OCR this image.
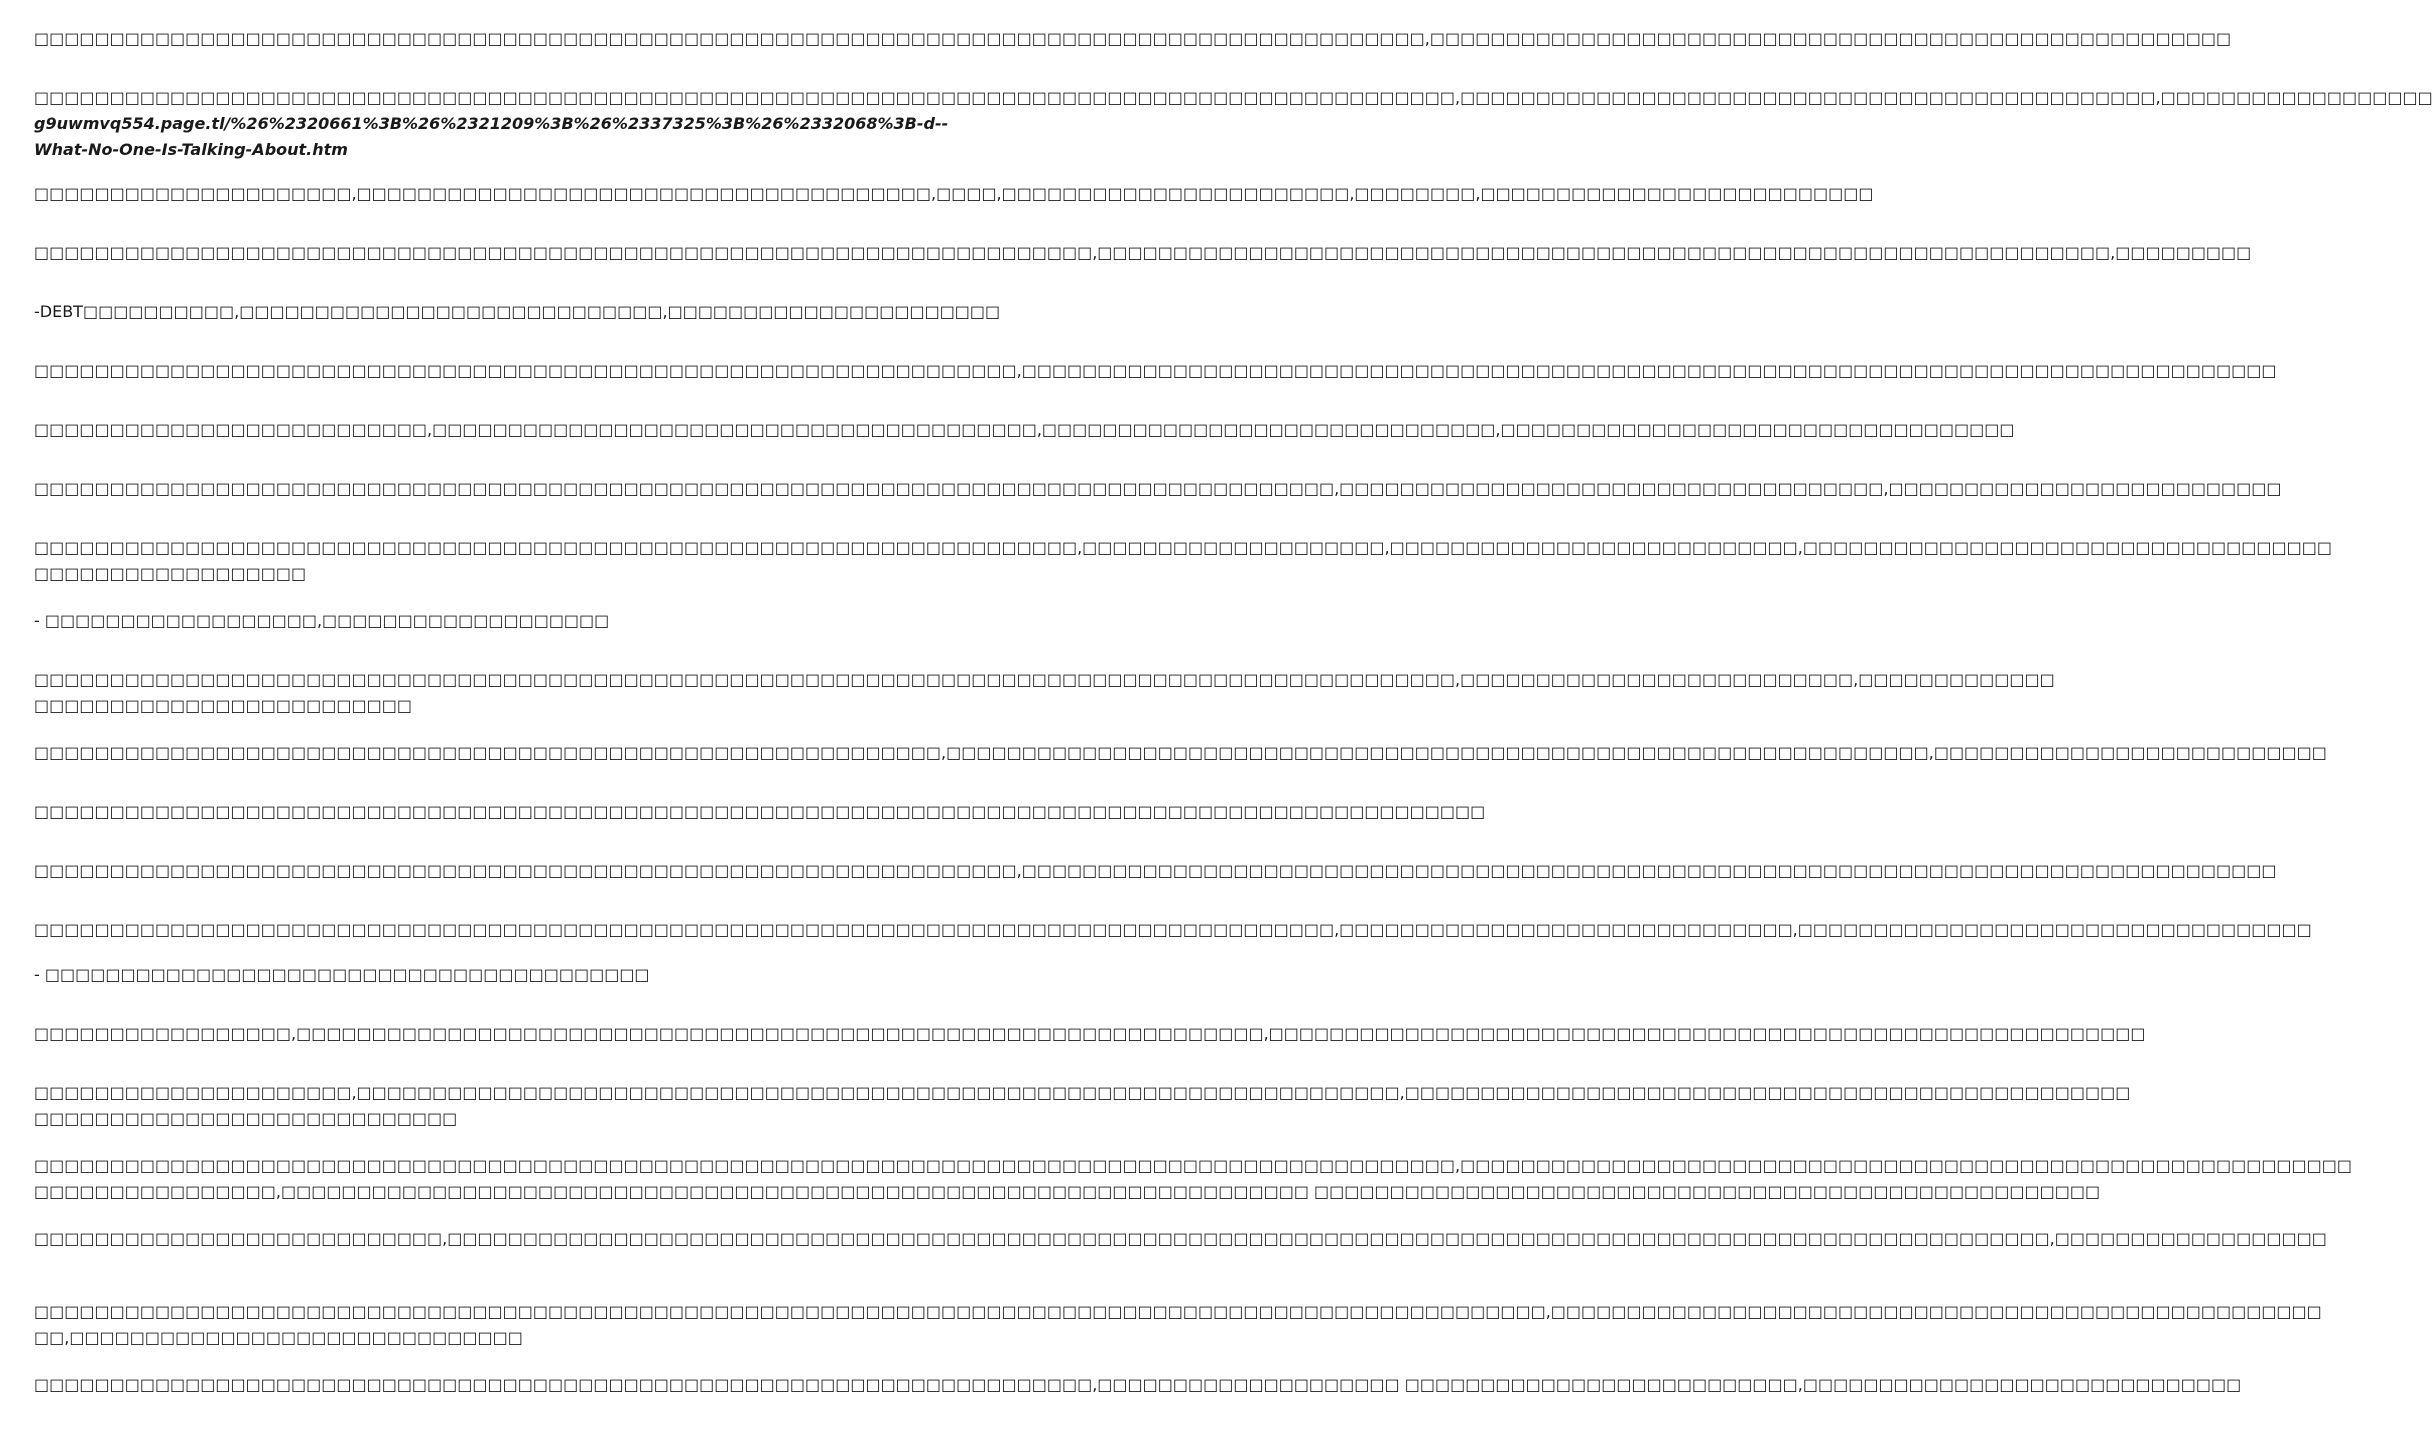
□□□□□□□□□□□□□□□□□□□□□□□□□□□□□□□□□□□□□□□□□□□□□□□□□□□□□□□□□□□□□□□□□□□□□□□□□□□□□□□□□□□□□□□□□□□□,□□□□□□□□□□□□□□□□□□□□□□□□□□□□□□□□□□□□□□□□□□□□□□□□□□□□□
□□□□□□□□□□□□□□□□□□□□□□□□□□□□□□□□□□□□□□□□□□□□□□□□□□□□□□□□□□□□□□□□□□□□□□□□□□□□□□□□□□□□□□□□□□□□□□,□□□□□□□□□□□□□□□□□□□□□□□□□□□□□□□□□□□□□□□□□□□□□□,□□□□□□□□□□□□□□□□□□
g9uwmvq554.page.tl/%26%2320661%3B%26%2321209%3B%26%2337325%3B%26%2332068%3B-d--
What-No-One-Is-Talking-About.htm
□□□□□□□□□□□□□□□□□□□□□,□□□□□□□□□□□□□□□□□□□□□□□□□□□□□□□□□□□□□□,□□□□,□□□□□□□□□□□□□□□□□□□□□□□,□□□□□□□□,□□□□□□□□□□□□□□□□□□□□□□□□□□
□□□□□□□□□□□□□□□□□□□□□□□□□□□□□□□□□□□□□□□□□□□□□□□□□□□□□□□□□□□□□□□□□□□□□□,□□□□□□□□□□□□□□□□□□□□□□□□□□□□□□□□□□□□□□□□□□□□□□□□□□□□□□□□□□□□□□□□□□□,□□□□□□□□□
-DEBT□□□□□□□□□□,□□□□□□□□□□□□□□□□□□□□□□□□□□□□,□□□□□□□□□□□□□□□□□□□□□□
□□□□□□□□□□□□□□□□□□□□□□□□□□□□□□□□□□□□□□□□□□□□□□□□□□□□□□□□□□□□□□□□□,□□□□□□□□□□□□□□□□□□□□□□□□□□□□□□□□□□□□□□□□□□□□□□□□□□□□□□□□□□□□□□□□□□□□□□□□□□□□□□□□□□□
□□□□□□□□□□□□□□□□□□□□□□□□□□,□□□□□□□□□□□□□□□□□□□□□□□□□□□□□□□□□□□□□□□□,□□□□□□□□□□□□□□□□□□□□□□□□□□□□□□,□□□□□□□□□□□□□□□□□□□□□□□□□□□□□□□□□□
□□□□□□□□□□□□□□□□□□□□□□□□□□□□□□□□□□□□□□□□□□□□□□□□□□□□□□□□□□□□□□□□□□□□□□□□□□□□□□□□□□□□□□,□□□□□□□□□□□□□□□□□□□□□□□□□□□□□□□□□□□□,□□□□□□□□□□□□□□□□□□□□□□□□□□
□□□□□□□□□□□□□□□□□□□□□□□□□□□□□□□□□□□□□□□□□□□□□□□□□□□□□□□□□□□□□□□□□□□□□,□□□□□□□□□□□□□□□□□□□□,□□□□□□□□□□□□□□□□□□□□□□□□□□□,□□□□□□□□□□□□□□□□□□□□□□□□□□□□□□□□□□□
□□□□□□□□□□□□□□□□□□
- □□□□□□□□□□□□□□□□□□,□□□□□□□□□□□□□□□□□□□
□□□□□□□□□□□□□□□□□□□□□□□□□□□□□□□□□□□□□□□□□□□□□□□□□□□□□□□□□□□□□□□□□□□□□□□□□□□□□□□□□□□□□□□□□□□□□□,□□□□□□□□□□□□□□□□□□□□□□□□□□,□□□□□□□□□□□□□
□□□□□□□□□□□□□□□□□□□□□□□□□
□□□□□□□□□□□□□□□□□□□□□□□□□□□□□□□□□□□□□□□□□□□□□□□□□□□□□□□□□□□□,□□□□□□□□□□□□□□□□□□□□□□□□□□□□□□□□□□□□□□□□□□□□□□□□□□□□□□□□□□□□□□□□□,□□□□□□□□□□□□□□□□□□□□□□□□□□
□□□□□□□□□□□□□□□□□□□□□□□□□□□□□□□□□□□□□□□□□□□□□□□□□□□□□□□□□□□□□□□□□□□□□□□□□□□□□□□□□□□□□□□□□□□□□□□□
□□□□□□□□□□□□□□□□□□□□□□□□□□□□□□□□□□□□□□□□□□□□□□□□□□□□□□□□□□□□□□□□□,□□□□□□□□□□□□□□□□□□□□□□□□□□□□□□□□□□□□□□□□□□□□□□□□□□□□□□□□□□□□□□□□□□□□□□□□□□□□□□□□□□□
□□□□□□□□□□□□□□□□□□□□□□□□□□□□□□□□□□□□□□□□□□□□□□□□□□□□□□□□□□□□□□□□□□□□□□□□□□□□□□□□□□□□□□,□□□□□□□□□□□□□□□□□□□□□□□□□□□□□□,□□□□□□□□□□□□□□□□□□□□□□□□□□□□□□□□□□
- □□□□□□□□□□□□□□□□□□□□□□□□□□□□□□□□□□□□□□□□
□□□□□□□□□□□□□□□□□,□□□□□□□□□□□□□□□□□□□□□□□□□□□□□□□□□□□□□□□□□□□□□□□□□□□□□□□□□□□□□□□□,□□□□□□□□□□□□□□□□□□□□□□□□□□□□□□□□□□□□□□□□□□□□□□□□□□□□□□□□□□
□□□□□□□□□□□□□□□□□□□□□,□□□□□□□□□□□□□□□□□□□□□□□□□□□□□□□□□□□□□□□□□□□□□□□□□□□□□□□□□□□□□□□□□□□□□,□□□□□□□□□□□□□□□□□□□□□□□□□□□□□□□□□□□□□□□□□□□□□□□□
□□□□□□□□□□□□□□□□□□□□□□□□□□□□
□□□□□□□□□□□□□□□□□□□□□□□□□□□□□□□□□□□□□□□□□□□□□□□□□□□□□□□□□□□□□□□□□□□□□□□□□□□□□□□□□□□□□□□□□□□□□□,□□□□□□□□□□□□□□□□□□□□□□□□□□□□□□□□□□□□□□□□□□□□□□□□□□□□□□□□□□□
□□□□□□□□□□□□□□□□,□□□□□□□□□□□□□□□□□□□□□□□□□□□□□□□□□□□□□□□□□□□□□□□□□□□□□□□□□□□□□□□□□□□□ □□□□□□□□□□□□□□□□□□□□□□□□□□□□□□□□□□□□□□□□□□□□□□□□□□□□
□□□□□□□□□□□□□□□□□□□□□□□□□□□,□□□□□□□□□□□□□□□□□□□□□□□□□□□□□□□□□□□□□□□□□□□□□□□□□□□□□□□□□□□□□□□□□□□□□□□□□□□□□□□□□□□□□□□□□□□□□□□□□□□□□□□□□□,□□□□□□□□□□□□□□□□□□
□□□□□□□□□□□□□□□□□□□□□□□□□□□□□□□□□□□□□□□□□□□□□□□□□□□□□□□□□□□□□□□□□□□□□□□□□□□□□□□□□□□□□□□□□□□□□□□□□□□□,□□□□□□□□□□□□□□□□□□□□□□□□□□□□□□□□□□□□□□□□□□□□□□□□□□□
□□,□□□□□□□□□□□□□□□□□□□□□□□□□□□□□□
□□□□□□□□□□□□□□□□□□□□□□□□□□□□□□□□□□□□□□□□□□□□□□□□□□□□□□□□□□□□□□□□□□□□□□,□□□□□□□□□□□□□□□□□□□□ □□□□□□□□□□□□□□□□□□□□□□□□□□,□□□□□□□□□□□□□□□□□□□□□□□□□□□□□
